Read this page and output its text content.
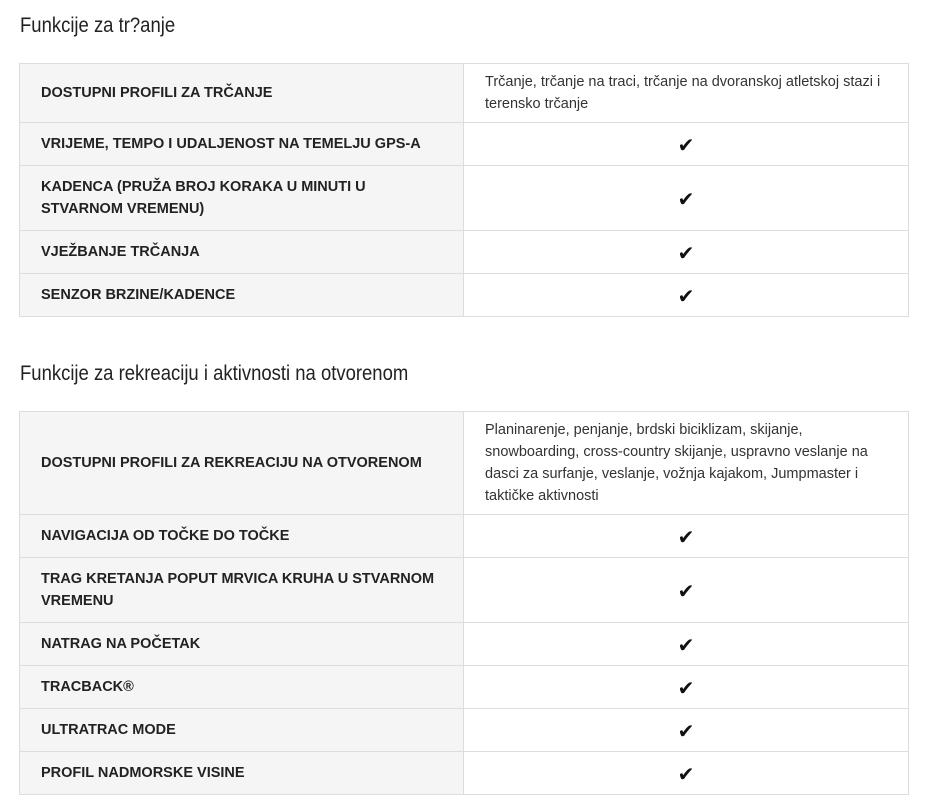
Funkcije za tr?anje
DOSTUPNI PROFILI ZA TRČANJE	Trčanje, trčanje na traci, trčanje na dvoranskoj atletskoj stazi i terensko trčanje
VRIJEME, TEMPO I UDALJENOST NA TEMELJU GPS-A	✔
KADENCA (PRUŽA BROJ KORAKA U MINUTI U STVARNOM VREMENU)	✔
VJEŽBANJE TRČANJA	✔
SENZOR BRZINE/KADENCE	✔
Funkcije za rekreaciju i aktivnosti na otvorenom
DOSTUPNI PROFILI ZA REKREACIJU NA OTVORENOM	Planinarenje, penjanje, brdski biciklizam, skijanje, snowboarding, cross-country skijanje, uspravno veslanje na dasci za surfanje, veslanje, vožnja kajakom, Jumpmaster i taktičke aktivnosti
NAVIGACIJA OD TOČKE DO TOČKE	✔
TRAG KRETANJA POPUT MRVICA KRUHA U STVARNOM VREMENU	✔
NATRAG NA POČETAK	✔
TRACBACK®	✔
ULTRATRAC MODE	✔
PROFIL NADMORSKE VISINE	✔
